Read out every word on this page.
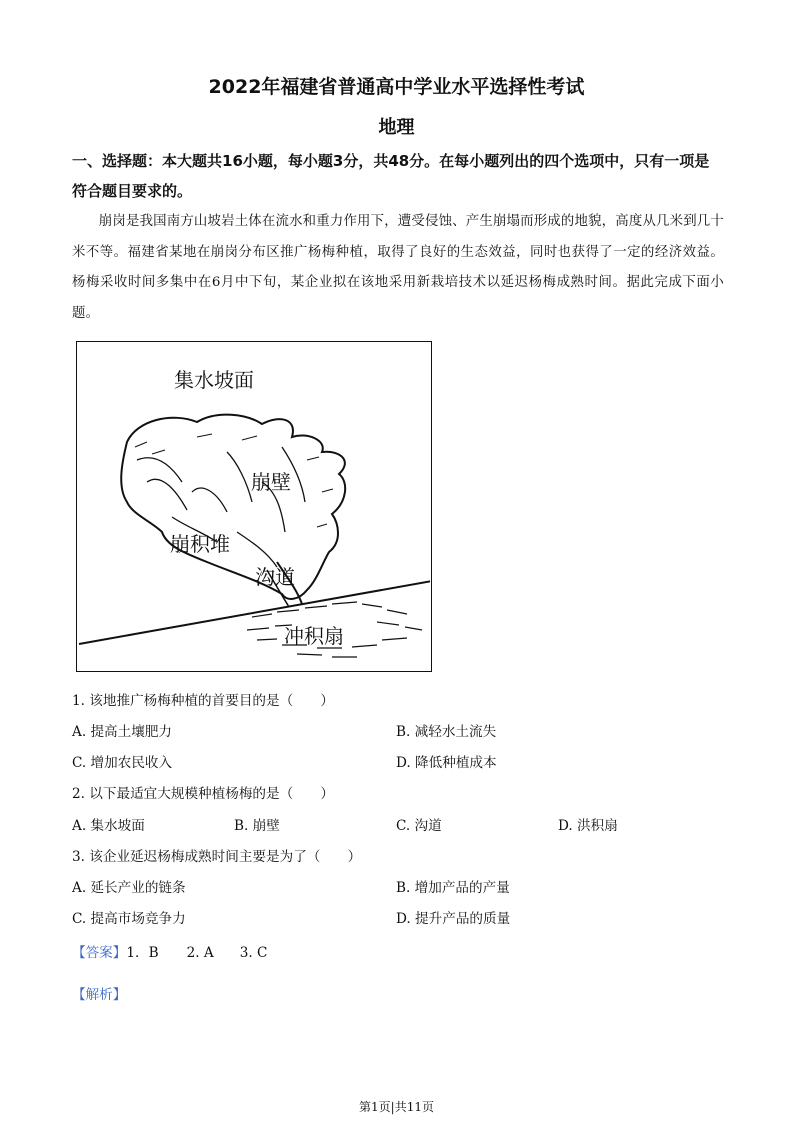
2022年福建省普通高中学业水平选择性考试
地理
一、选择题：本大题共16小题，每小题3分，共48分。在每小题列出的四个选项中，只有一项是符合题目要求的。
崩岗是我国南方山坡岩土体在流水和重力作用下，遭受侵蚀、产生崩塌而形成的地貌，高度从几米到几十米不等。福建省某地在崩岗分布区推广杨梅种植，取得了良好的生态效益，同时也获得了一定的经济效益。杨梅采收时间多集中在6月中下旬，某企业拟在该地采用新栽培技术以延迟杨梅成熟时间。据此完成下面小题。
集水坡面
崩壁
崩积堆
沟道
冲积扇
1. 该地推广杨梅种植的首要目的是（　　）
A. 提高土壤肥力	B. 减轻水土流失
C. 增加农民收入	D. 降低种植成本
2. 以下最适宜大规模种植杨梅的是（　　）
A. 集水坡面	B. 崩壁	C. 沟道	D. 洪积扇
3. 该企业延迟杨梅成熟时间主要是为了（　　）
A. 延长产业的链条	B. 增加产品的产量
C. 提高市场竞争力	D. 提升产品的质量
【答案】1．B 2. A 3. C
【解析】
第1页|共11页
